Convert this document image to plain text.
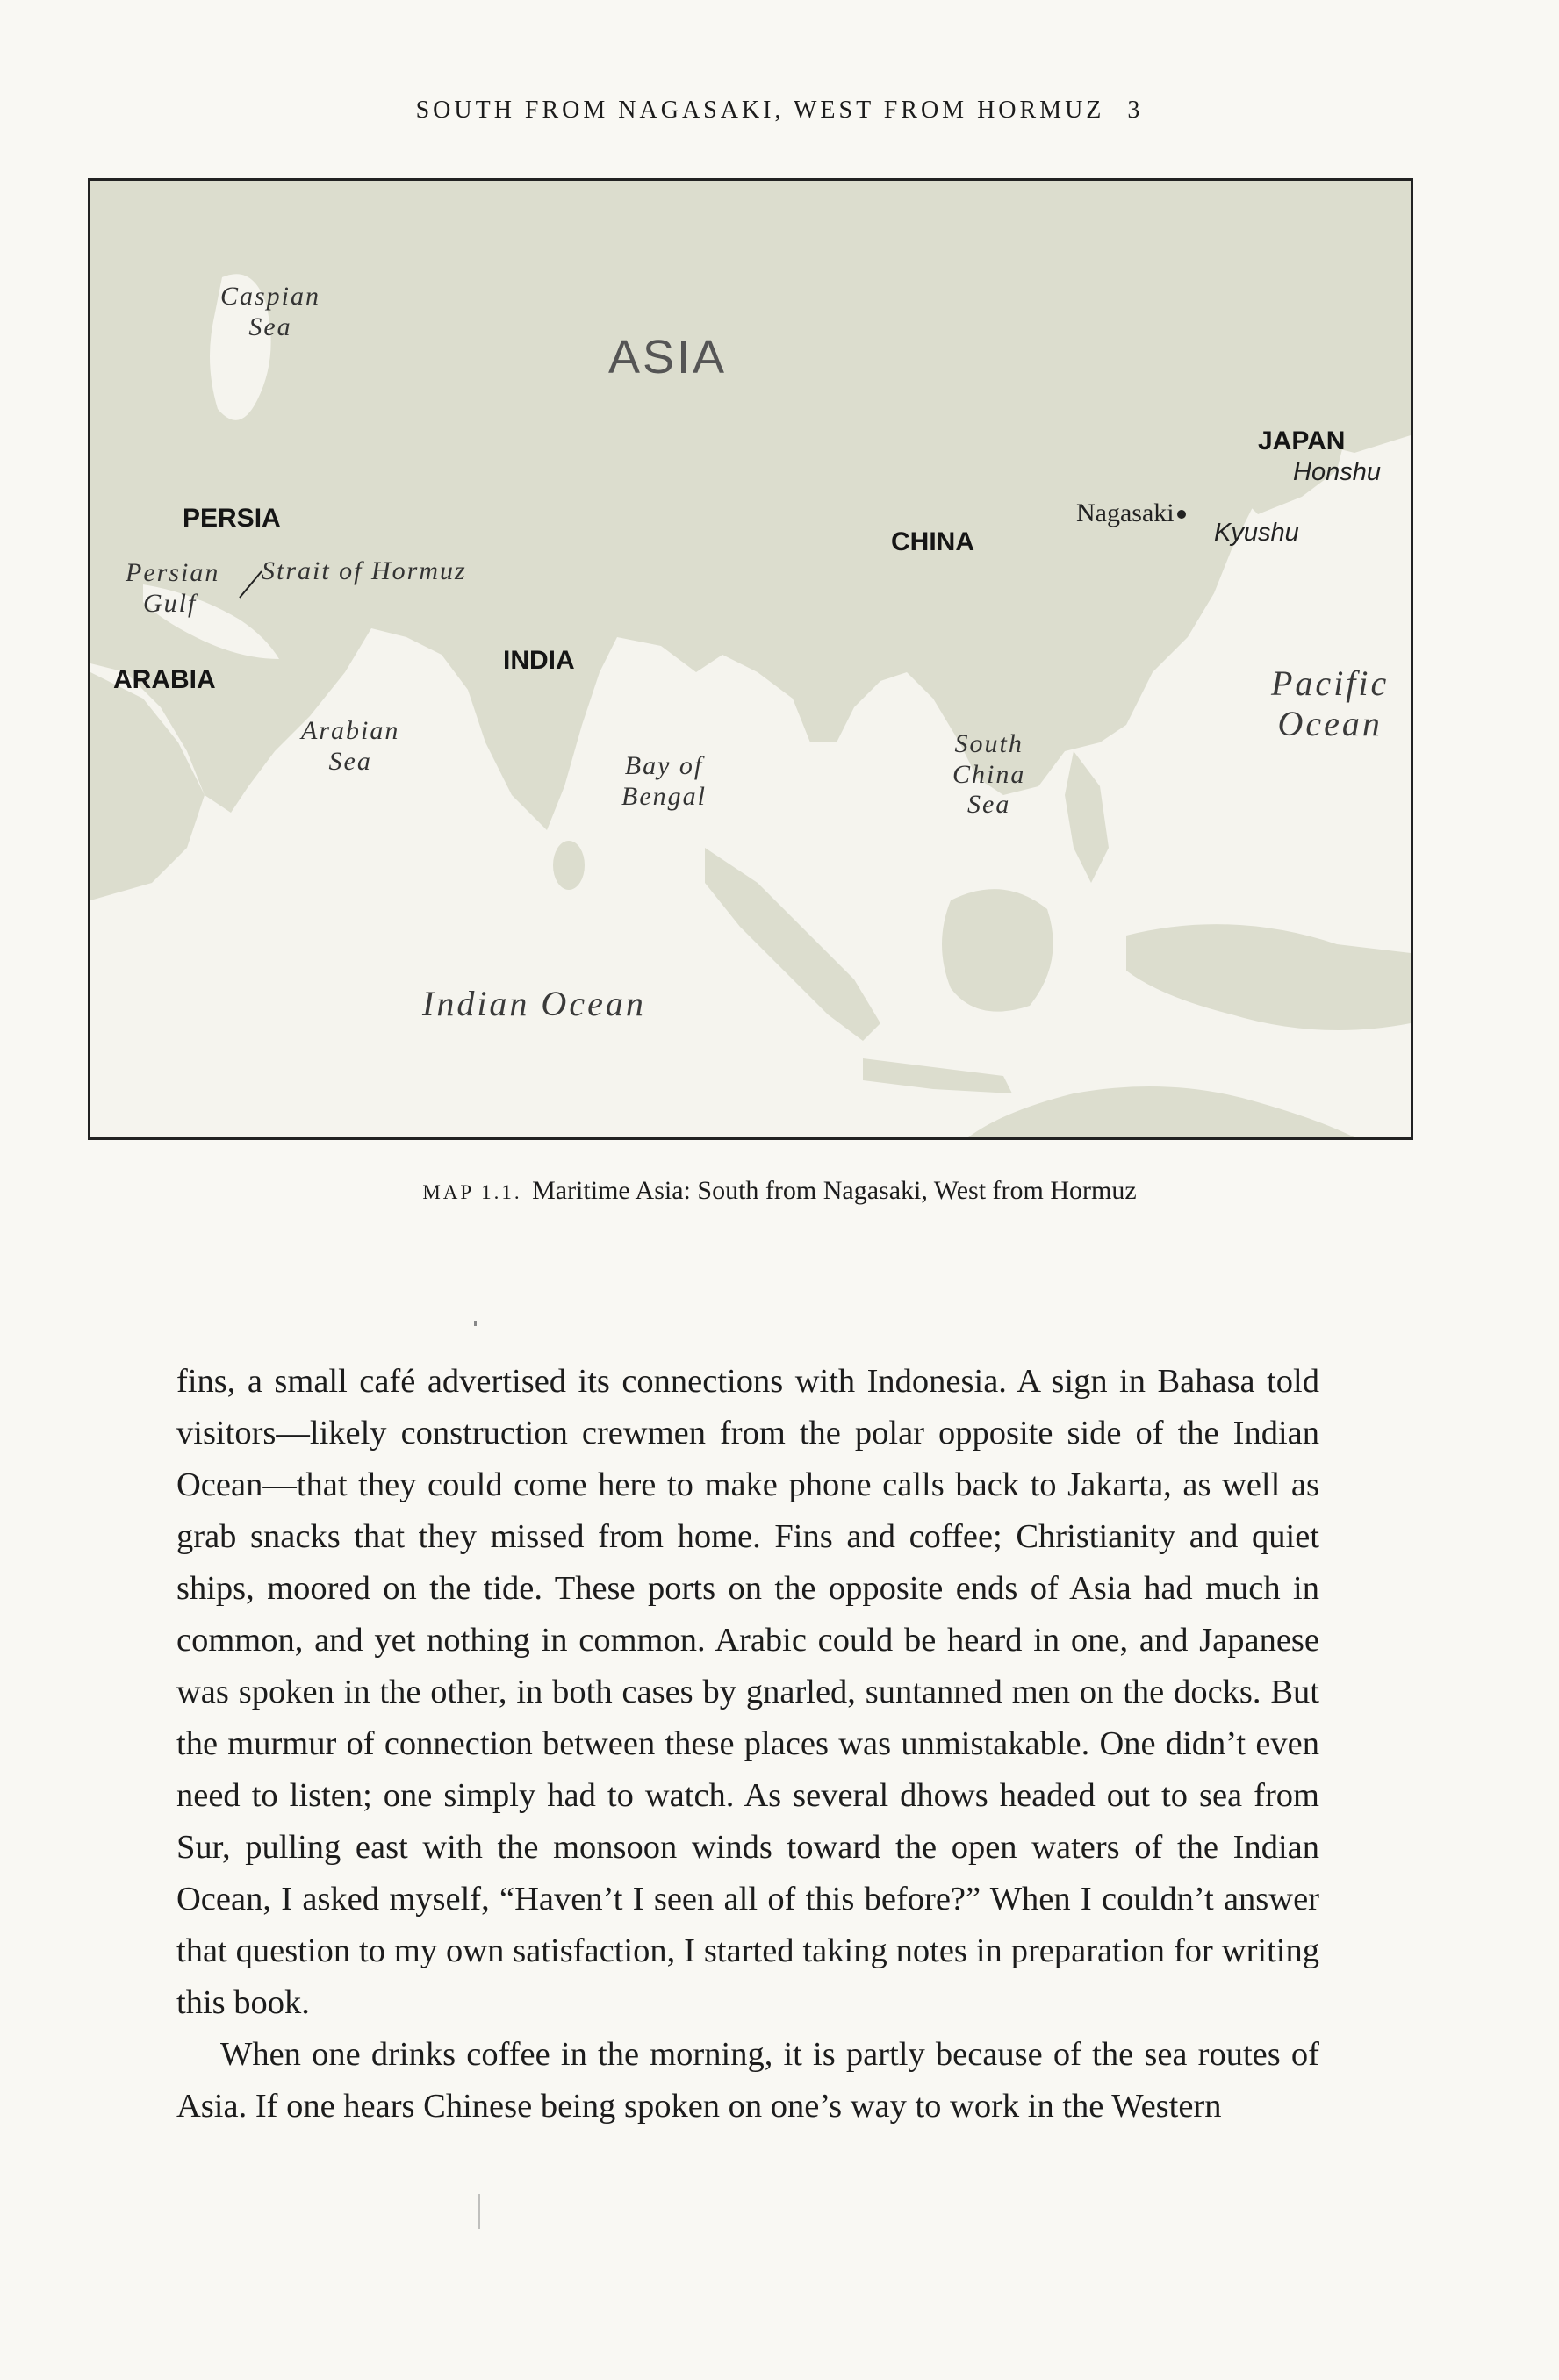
SOUTH FROM NAGASAKI, WEST FROM HORMUZ 3
Caspian
Sea
ASIA
PERSIA
Persian
Gulf
Strait of Hormuz
ARABIA
INDIA
Arabian
Sea	Bay of
Bengal
CHINA
Nagasaki
JAPAN
Honshu
Kyushu
South
China
Sea
Pacific
Ocean
Indian Ocean
MAP 1.1. Maritime Asia: South from Nagasaki, West from Hormuz

fins, a small café advertised its connections with Indonesia. A sign in Bahasa told visitors—likely construction crewmen from the polar opposite side of the Indian Ocean—that they could come here to make phone calls back to Jakarta, as well as grab snacks that they missed from home. Fins and coffee; Christianity and quiet ships, moored on the tide. These ports on the opposite ends of Asia had much in common, and yet nothing in common. Arabic could be heard in one, and Japanese was spoken in the other, in both cases by gnarled, suntanned men on the docks. But the murmur of connection between these places was unmistakable. One didn’t even need to listen; one simply had to watch. As several dhows headed out to sea from Sur, pulling east with the monsoon winds toward the open waters of the Indian Ocean, I asked myself, “Haven’t I seen all of this before?” When I couldn’t answer that question to my own satisfaction, I started taking notes in preparation for writing this book.

When one drinks coffee in the morning, it is partly because of the sea routes of Asia. If one hears Chinese being spoken on one’s way to work in the Western
